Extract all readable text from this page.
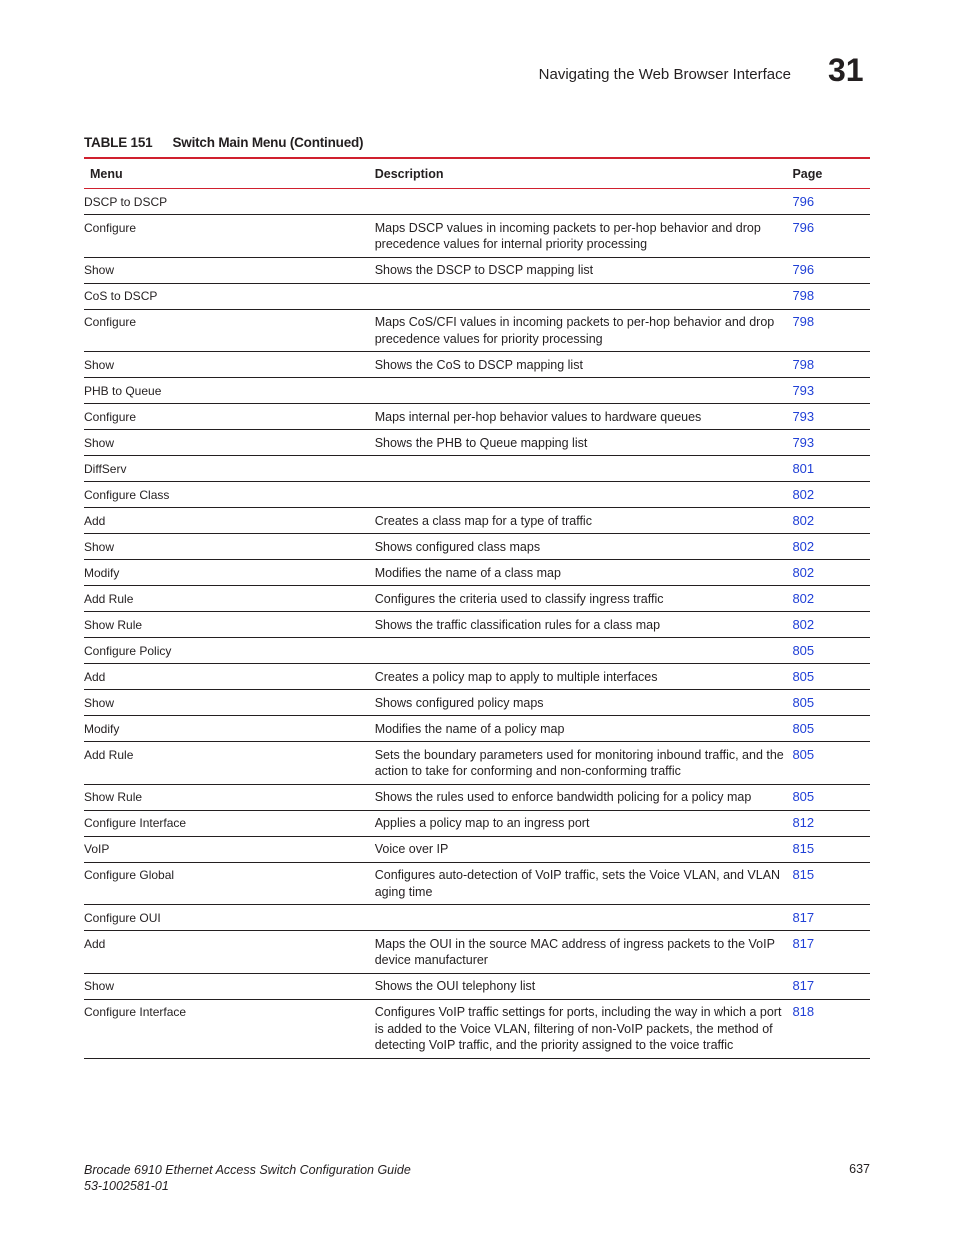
Navigating the Web Browser Interface 31
TABLE 151 Switch Main Menu (Continued)
Menu	Description	Page

DSCP to DSCP		796

Configure	Maps DSCP values in incoming packets to per-hop behavior and drop precedence values for internal priority processing	796

Show	Shows the DSCP to DSCP mapping list	796

CoS to DSCP		798

Configure	Maps CoS/CFI values in incoming packets to per-hop behavior and drop precedence values for priority processing	798

Show	Shows the CoS to DSCP mapping list	798

PHB to Queue		793

Configure	Maps internal per-hop behavior values to hardware queues	793

Show	Shows the PHB to Queue mapping list	793

DiffServ		801

Configure Class		802

Add	Creates a class map for a type of traffic	802

Show	Shows configured class maps	802

Modify	Modifies the name of a class map	802

Add Rule	Configures the criteria used to classify ingress traffic	802

Show Rule	Shows the traffic classification rules for a class map	802

Configure Policy		805

Add	Creates a policy map to apply to multiple interfaces	805

Show	Shows configured policy maps	805

Modify	Modifies the name of a policy map	805

Add Rule	Sets the boundary parameters used for monitoring inbound traffic, and the action to take for conforming and non-conforming traffic	805

Show Rule	Shows the rules used to enforce bandwidth policing for a policy map	805

Configure Interface	Applies a policy map to an ingress port	812

VoIP	Voice over IP	815

Configure Global	Configures auto-detection of VoIP traffic, sets the Voice VLAN, and VLAN aging time	815

Configure OUI		817

Add	Maps the OUI in the source MAC address of ingress packets to the VoIP device manufacturer	817

Show	Shows the OUI telephony list	817

Configure Interface	Configures VoIP traffic settings for ports, including the way in which a port is added to the Voice VLAN, filtering of non-VoIP packets, the method of detecting VoIP traffic, and the priority assigned to the voice traffic	818
Brocade 6910 Ethernet Access Switch Configuration Guide
53-1002581-01
637
